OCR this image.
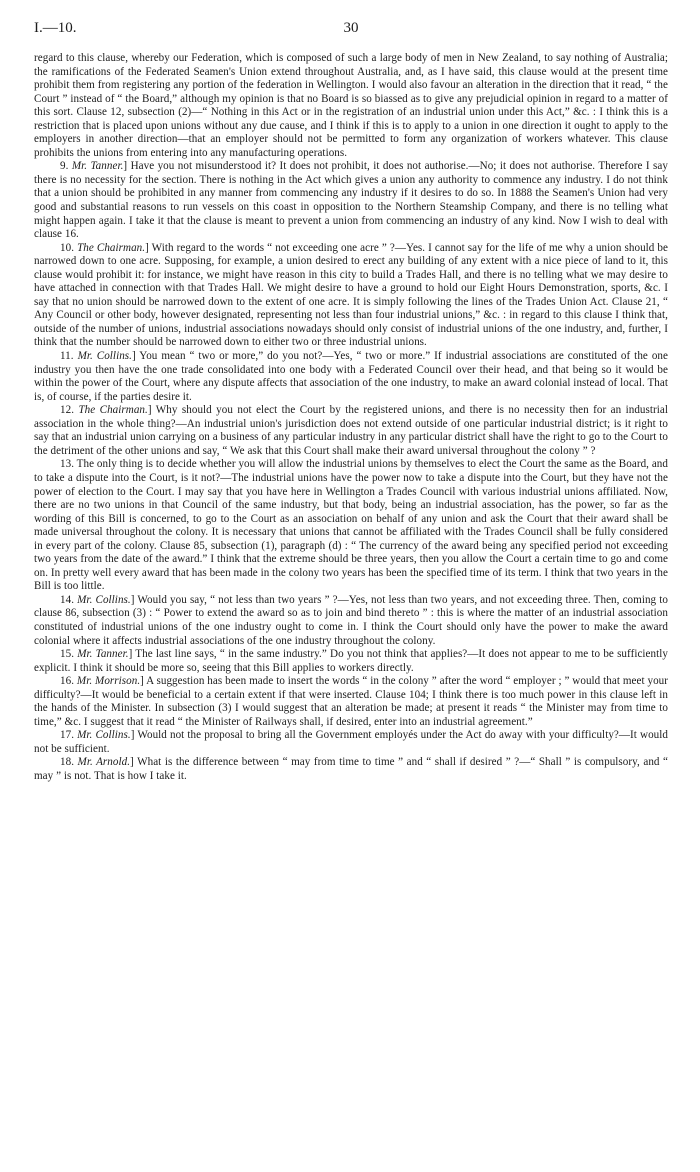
I.—10.	30

regard to this clause, whereby our Federation, which is composed of such a large body of men in New Zealand, to say nothing of Australia; the ramifications of the Federated Seamen's Union extend throughout Australia, and, as I have said, this clause would at the present time prohibit them from registering any portion of the federation in Wellington. I would also favour an alteration in the direction that it read, “ the Court ” instead of “ the Board,” although my opinion is that no Board is so biassed as to give any prejudicial opinion in regard to a matter of this sort. Clause 12, subsection (2)—“ Nothing in this Act or in the registration of an industrial union under this Act,” &c. : I think this is a restriction that is placed upon unions without any due cause, and I think if this is to apply to a union in one direction it ought to apply to the employers in another direction—that an employer should not be permitted to form any organization of workers whatever. This clause prohibits the unions from entering into any manufacturing operations.

9. Mr. Tanner.] Have you not misunderstood it? It does not prohibit, it does not authorise.—No; it does not authorise. Therefore I say there is no necessity for the section. There is nothing in the Act which gives a union any authority to commence any industry. I do not think that a union should be prohibited in any manner from commencing any industry if it desires to do so. In 1888 the Seamen's Union had very good and substantial reasons to run vessels on this coast in opposition to the Northern Steamship Company, and there is no telling what might happen again. I take it that the clause is meant to prevent a union from commencing an industry of any kind. Now I wish to deal with clause 16.

10. The Chairman.] With regard to the words “ not exceeding one acre ” ?—Yes. I cannot say for the life of me why a union should be narrowed down to one acre. Supposing, for example, a union desired to erect any building of any extent with a nice piece of land to it, this clause would prohibit it: for instance, we might have reason in this city to build a Trades Hall, and there is no telling what we may desire to have attached in connection with that Trades Hall. We might desire to have a ground to hold our Eight Hours Demonstration, sports, &c. I say that no union should be narrowed down to the extent of one acre. It is simply following the lines of the Trades Union Act. Clause 21, “ Any Council or other body, however designated, representing not less than four industrial unions,” &c. : in regard to this clause I think that, outside of the number of unions, industrial associations nowadays should only consist of industrial unions of the one industry, and, further, I think that the number should be narrowed down to either two or three industrial unions.

11. Mr. Collins.] You mean “ two or more,” do you not?—Yes, “ two or more.” If industrial associations are constituted of the one industry you then have the one trade consolidated into one body with a Federated Council over their head, and that being so it would be within the power of the Court, where any dispute affects that association of the one industry, to make an award colonial instead of local. That is, of course, if the parties desire it.

12. The Chairman.] Why should you not elect the Court by the registered unions, and there is no necessity then for an industrial association in the whole thing?—An industrial union's jurisdiction does not extend outside of one particular industrial district; is it right to say that an industrial union carrying on a business of any particular industry in any particular district shall have the right to go to the Court to the detriment of the other unions and say, “ We ask that this Court shall make their award universal throughout the colony ” ?

13. The only thing is to decide whether you will allow the industrial unions by themselves to elect the Court the same as the Board, and to take a dispute into the Court, is it not?—The industrial unions have the power now to take a dispute into the Court, but they have not the power of election to the Court. I may say that you have here in Wellington a Trades Council with various industrial unions affiliated. Now, there are no two unions in that Council of the same industry, but that body, being an industrial association, has the power, so far as the wording of this Bill is concerned, to go to the Court as an association on behalf of any union and ask the Court that their award shall be made universal throughout the colony. It is necessary that unions that cannot be affiliated with the Trades Council shall be fully considered in every part of the colony. Clause 85, subsection (1), paragraph (d) : “ The currency of the award being any specified period not exceeding two years from the date of the award.” I think that the extreme should be three years, then you allow the Court a certain time to go and come on. In pretty well every award that has been made in the colony two years has been the specified time of its term. I think that two years in the Bill is too little.

14. Mr. Collins.] Would you say, “ not less than two years ” ?—Yes, not less than two years, and not exceeding three. Then, coming to clause 86, subsection (3) : “ Power to extend the award so as to join and bind thereto ” : this is where the matter of an industrial association constituted of industrial unions of the one industry ought to come in. I think the Court should only have the power to make the award colonial where it affects industrial associations of the one industry throughout the colony.

15. Mr. Tanner.] The last line says, “ in the same industry.” Do you not think that applies?—It does not appear to me to be sufficiently explicit. I think it should be more so, seeing that this Bill applies to workers directly.

16. Mr. Morrison.] A suggestion has been made to insert the words “ in the colony ” after the word “ employer ; ” would that meet your difficulty?—It would be beneficial to a certain extent if that were inserted. Clause 104; I think there is too much power in this clause left in the hands of the Minister. In subsection (3) I would suggest that an alteration be made; at present it reads “ the Minister may from time to time,” &c. I suggest that it read “ the Minister of Railways shall, if desired, enter into an industrial agreement.”

17. Mr. Collins.] Would not the proposal to bring all the Government employés under the Act do away with your difficulty?—It would not be sufficient.

18. Mr. Arnold.] What is the difference between “ may from time to time ” and “ shall if desired ” ?—“ Shall ” is compulsory, and “ may ” is not. That is how I take it.
